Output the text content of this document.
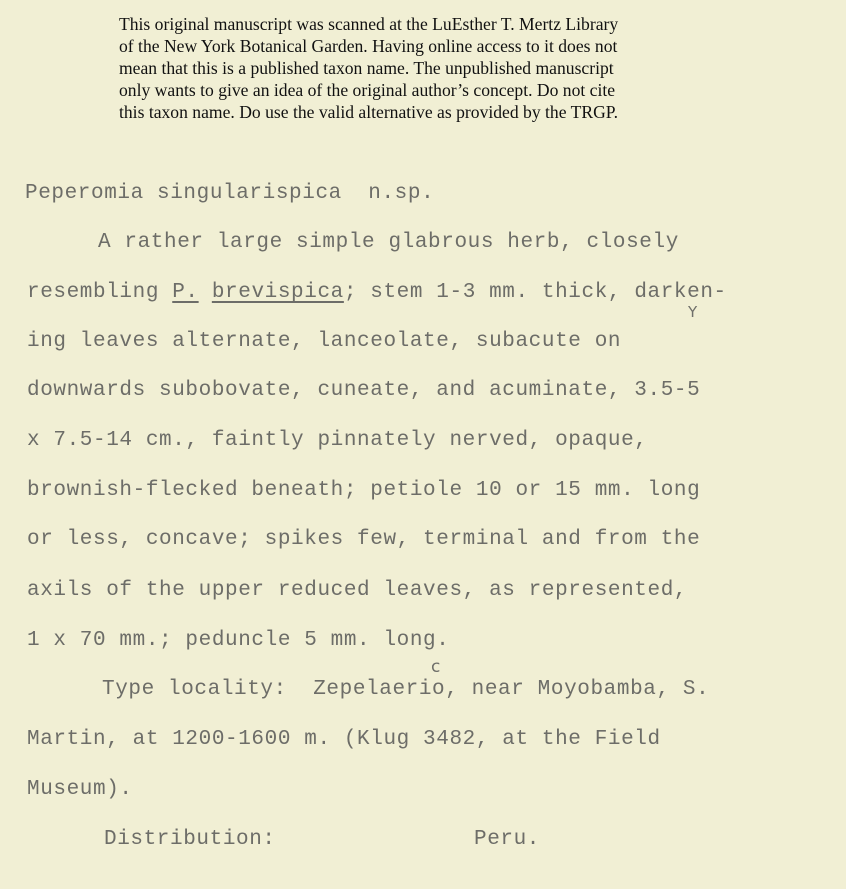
This original manuscript was scanned at the LuEsther T. Mertz Library
of the New York Botanical Garden. Having online access to it does not
mean that this is a published taxon name. The unpublished manuscript
only wants to give an idea of the original author’s concept. Do not cite
this taxon name. Do use the valid alternative as provided by the TRGP.
Peperomia singularispica n.sp.
A rather large simple glabrous herb, closely
resembling P. brevispica; stem 1-3 mm. thick, darken-
ing leaves alternate, lanceolate, subacute on
downwards subobovate, cuneate, and acuminate, 3.5-5
x 7.5-14 cm., faintly pinnately nerved, opaque,
brownish-flecked beneath; petiole 10 or 15 mm. long
or less, concave; spikes few, terminal and from the
axils of the upper reduced leaves, as represented,
1 x 70 mm.; peduncle 5 mm. long.
Type locality:  Zepelaerio, near Moyobamba, S.
Martin, at 1200-1600 m. (Klug 3482, at the Field
Museum).
Distribution:	Peru.
Y
c
